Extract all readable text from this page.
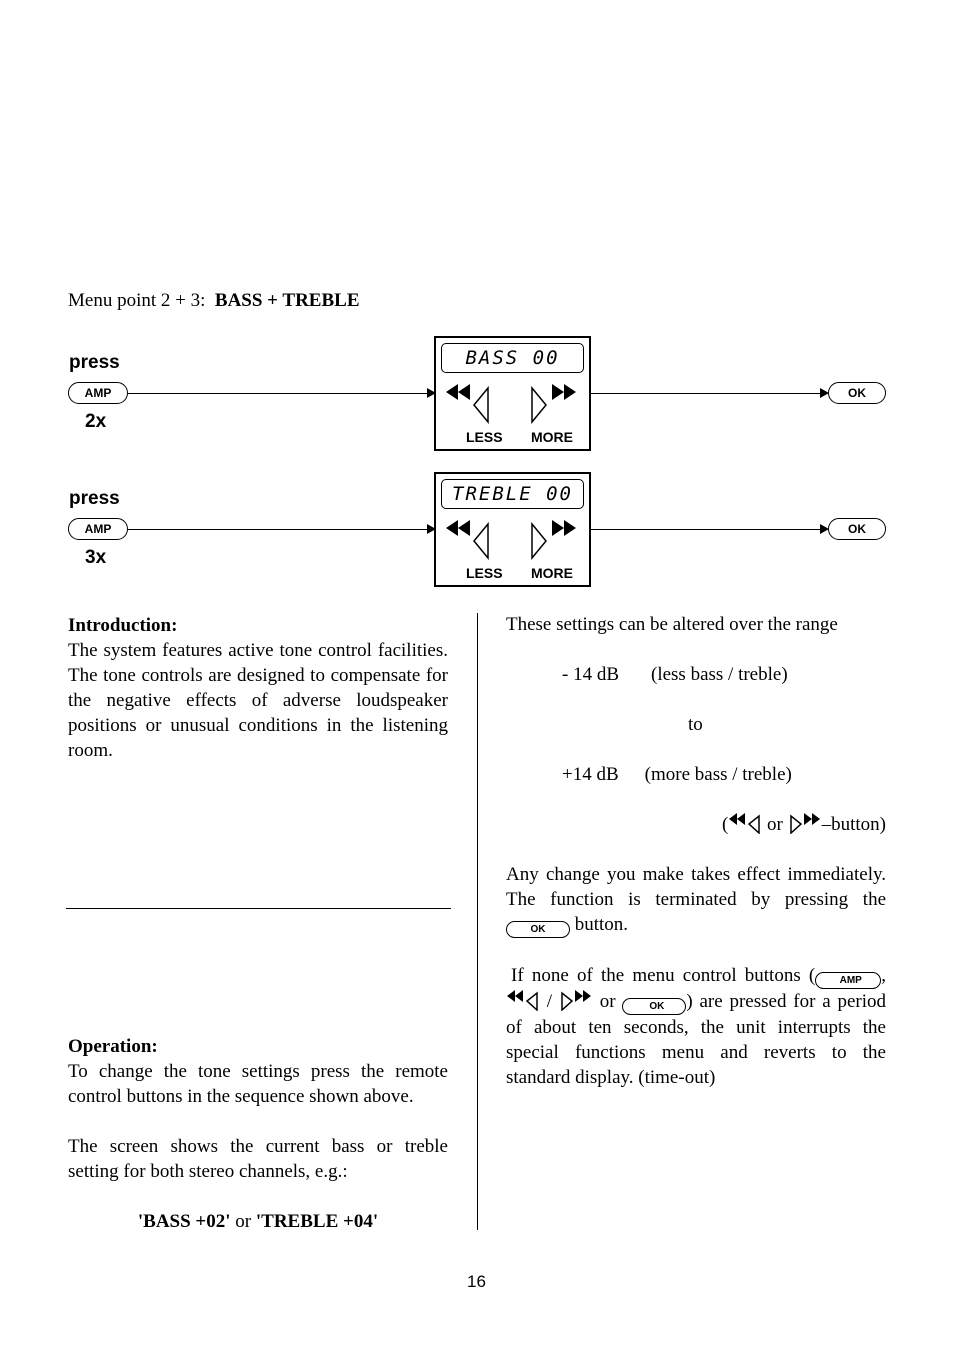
Menu point 2 + 3: BASS + TREBLE
press
AMP
2x
BASS 00
LESS MORE
OK
press
AMP
3x
TREBLE 00
LESS MORE
OK
Introduction:
The system features active tone control facilities. The tone controls are designed to compensate for the negative effects of adverse loudspeaker positions or unusual conditions in the listening room.
Operation:
To change the tone settings press the remote control buttons in the sequence shown above.
The screen shows the current bass or treble setting for both stereo channels, e.g.:
'BASS +02' or 'TREBLE +04'
These settings can be altered over the range
- 14 dB (less bass / treble)
to
+14 dB (more bass / treble)
( or –button)
Any change you make takes effect immediately. The function is terminated by pressing the OK button.
If none of the menu control buttons ( AMP ,  /  or	OK ) are pressed for a period of about ten seconds, the unit interrupts the special functions menu and reverts to the standard display. (time-out)
16
